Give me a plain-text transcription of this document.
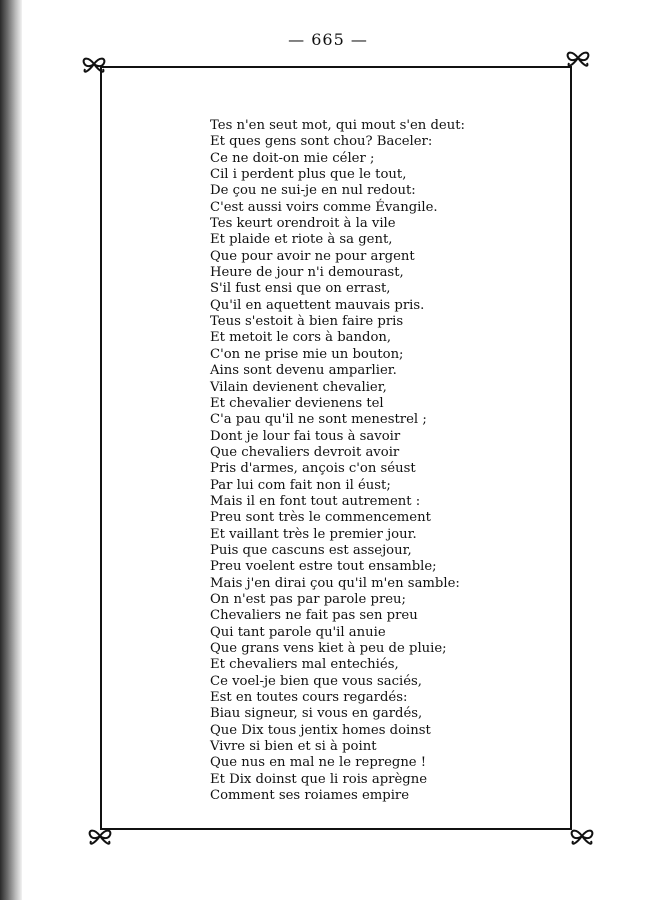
— 665 —
Tes n'en seut mot, qui mout s'en deut:
Et ques gens sont chou? Baceler:
Ce ne doit-on mie céler ;
Cil i perdent plus que le tout,
De çou ne sui-je en nul redout:
C'est aussi voirs comme Évangile.
Tes keurt orendroit à la vile
Et plaide et riote à sa gent,
Que pour avoir ne pour argent
Heure de jour n'i demourast,
S'il fust ensi que on errast,
Qu'il en aquettent mauvais pris.
Teus s'estoit à bien faire pris
Et metoit le cors à bandon,
C'on ne prise mie un bouton;
Ains sont devenu amparlier.
Vilain devienent chevalier,
Et chevalier devienens tel
C'a pau qu'il ne sont menestrel ;
Dont je lour fai tous à savoir
Que chevaliers devroit avoir
Pris d'armes, ançois c'on séust
Par lui com fait non il éust;
Mais il en font tout autrement :
Preu sont très le commencement
Et vaillant très le premier jour.
Puis que cascuns est assejour,
Preu voelent estre tout ensamble;
Mais j'en dirai çou qu'il m'en samble:
On n'est pas par parole preu;
Chevaliers ne fait pas sen preu
Qui tant parole qu'il anuie
Que grans vens kiet à peu de pluie;
Et chevaliers mal entechiés,
Ce voel-je bien que vous saciés,
Est en toutes cours regardés:
Biau signeur, si vous en gardés,
Que Dix tous jentix homes doinst
Vivre si bien et si à point
Que nus en mal ne le repregne !
Et Dix doinst que li rois aprègne
Comment ses roiames empire
